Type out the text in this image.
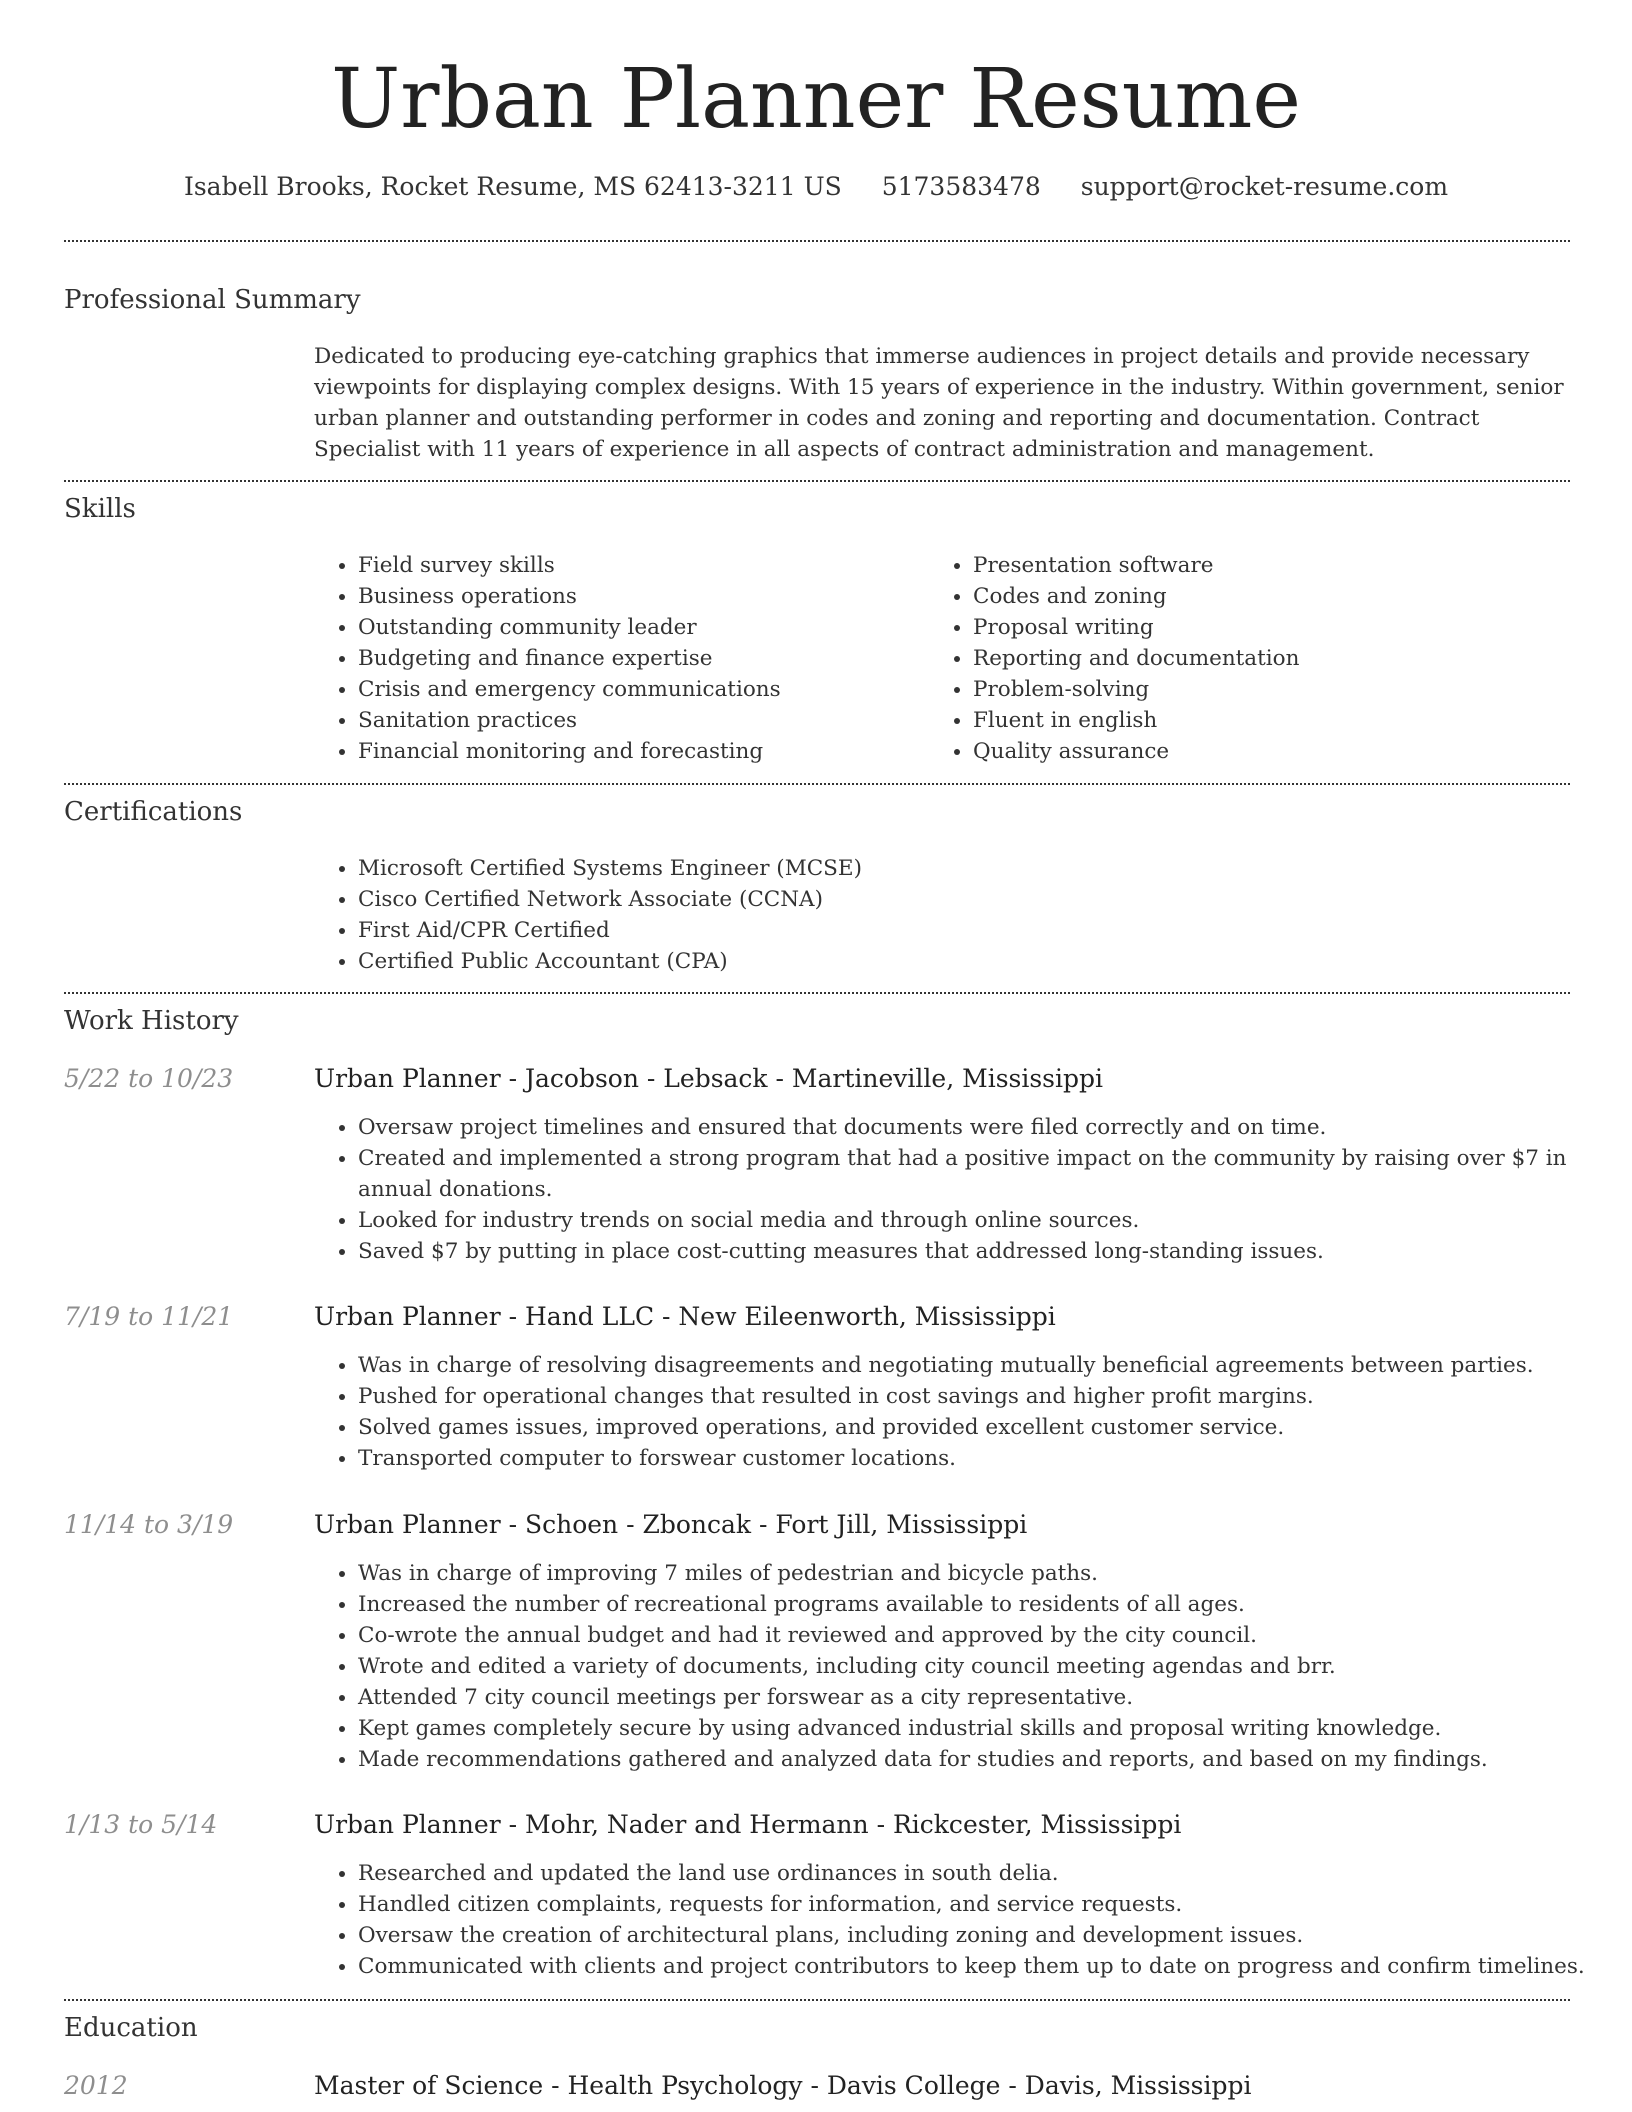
Urban Planner Resume
Isabell Brooks, Rocket Resume, MS 62413-3211 US 5173583478 support@rocket-resume.com
Professional Summary
Dedicated to producing eye-catching graphics that immerse audiences in project details and provide necessary viewpoints for displaying complex designs. With 15 years of experience in the industry. Within government, senior urban planner and outstanding performer in codes and zoning and reporting and documentation. Contract Specialist with 11 years of experience in all aspects of contract administration and management.
Skills
• Field survey skills
• Business operations
• Outstanding community leader
• Budgeting and finance expertise
• Crisis and emergency communications
• Sanitation practices
• Financial monitoring and forecasting
• Presentation software
• Codes and zoning
• Proposal writing
• Reporting and documentation
• Problem-solving
• Fluent in english
• Quality assurance
Certifications
• Microsoft Certified Systems Engineer (MCSE)
• Cisco Certified Network Associate (CCNA)
• First Aid/CPR Certified
• Certified Public Accountant (CPA)
Work History
5/22 to 10/23	Urban Planner - Jacobson - Lebsack - Martineville, Mississippi
• Oversaw project timelines and ensured that documents were filed correctly and on time.
• Created and implemented a strong program that had a positive impact on the community by raising over $7 in annual donations.
• Looked for industry trends on social media and through online sources.
• Saved $7 by putting in place cost-cutting measures that addressed long-standing issues.
7/19 to 11/21	Urban Planner - Hand LLC - New Eileenworth, Mississippi
• Was in charge of resolving disagreements and negotiating mutually beneficial agreements between parties.
• Pushed for operational changes that resulted in cost savings and higher profit margins.
• Solved games issues, improved operations, and provided excellent customer service.
• Transported computer to forswear customer locations.
11/14 to 3/19	Urban Planner - Schoen - Zboncak - Fort Jill, Mississippi
• Was in charge of improving 7 miles of pedestrian and bicycle paths.
• Increased the number of recreational programs available to residents of all ages.
• Co-wrote the annual budget and had it reviewed and approved by the city council.
• Wrote and edited a variety of documents, including city council meeting agendas and brr.
• Attended 7 city council meetings per forswear as a city representative.
• Kept games completely secure by using advanced industrial skills and proposal writing knowledge.
• Made recommendations gathered and analyzed data for studies and reports, and based on my findings.
1/13 to 5/14	Urban Planner - Mohr, Nader and Hermann - Rickcester, Mississippi
• Researched and updated the land use ordinances in south delia.
• Handled citizen complaints, requests for information, and service requests.
• Oversaw the creation of architectural plans, including zoning and development issues.
• Communicated with clients and project contributors to keep them up to date on progress and confirm timelines.
Education
2012	Master of Science - Health Psychology - Davis College - Davis, Mississippi
